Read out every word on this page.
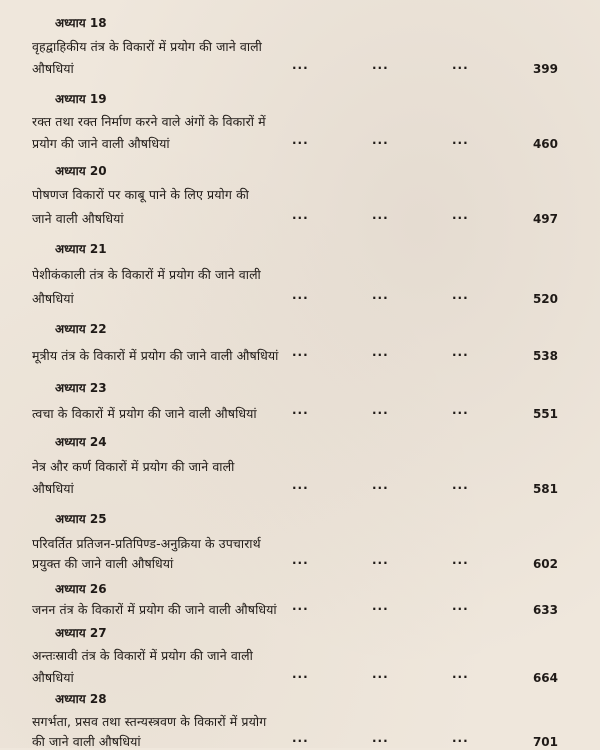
अध्याय 18
वृहद्वाहिकीय तंत्र के विकारों में प्रयोग की जाने वाली
औषधियां	...	...	...	399
अध्याय 19
रक्त तथा रक्त निर्माण करने वाले अंगों के विकारों में
प्रयोग की जाने वाली औषधियां	...	...	...	460
अध्याय 20
पोषणज विकारों पर काबू पाने के लिए प्रयोग की
जाने वाली औषधियां	...	...	...	497
अध्याय 21
पेशीकंकाली तंत्र के विकारों में प्रयोग की जाने वाली
औषधियां	...	...	...	520
अध्याय 22
मूत्रीय तंत्र के विकारों में प्रयोग की जाने वाली औषधियां ...	...	...	538
अध्याय 23
त्वचा के विकारों में प्रयोग की जाने वाली औषधियां	...	...	...	551
अध्याय 24
नेत्र और कर्ण विकारों में प्रयोग की जाने वाली
औषधियां	...	...	...	581
अध्याय 25
परिवर्तित प्रतिजन-प्रतिपिण्ड-अनुक्रिया के उपचारार्थ
प्रयुक्त की जाने वाली औषधियां	...	...	...	602
अध्याय 26
जनन तंत्र के विकारों में प्रयोग की जाने वाली औषधियां ...	...	...	633
अध्याय 27
अन्तःस्रावी तंत्र के विकारों में प्रयोग की जाने वाली
औषधियां	...	...	...	664
अध्याय 28
सगर्भता, प्रसव तथा स्तन्यस्त्रवण के विकारों में प्रयोग
की जाने वाली औषधियां	...	...	...	701
